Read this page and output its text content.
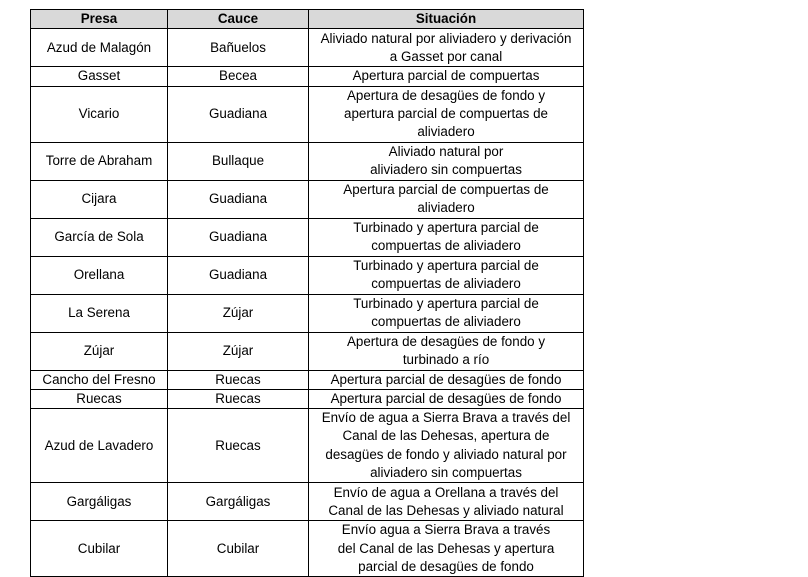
Presa	Cauce	Situación
Azud de Malagón	Bañuelos	Aliviado natural por aliviadero y derivación
a Gasset por canal

Gasset	Becea	Apertura parcial de compuertas

Vicario	Guadiana	Apertura de desagües de fondo y
apertura parcial de compuertas de
aliviadero

Torre de Abraham	Bullaque	Aliviado natural por
aliviadero sin compuertas

Cijara	Guadiana	Apertura parcial de compuertas de
aliviadero

García de Sola	Guadiana	Turbinado y apertura parcial de
compuertas de aliviadero

Orellana	Guadiana	Turbinado y apertura parcial de
compuertas de aliviadero

La Serena	Zújar	Turbinado y apertura parcial de
compuertas de aliviadero

Zújar	Zújar	Apertura de desagües de fondo y
turbinado a río

Cancho del Fresno	Ruecas	Apertura parcial de desagües de fondo

Ruecas	Ruecas	Apertura parcial de desagües de fondo

Azud de Lavadero	Ruecas	Envío de agua a Sierra Brava a través del
Canal de las Dehesas, apertura de
desagües de fondo y aliviado natural por
aliviadero sin compuertas

Gargáligas	Gargáligas	Envío de agua a Orellana a través del
Canal de las Dehesas y aliviado natural

Cubilar	Cubilar	Envío agua a Sierra Brava a través
del Canal de las Dehesas y apertura
parcial de desagües de fondo
